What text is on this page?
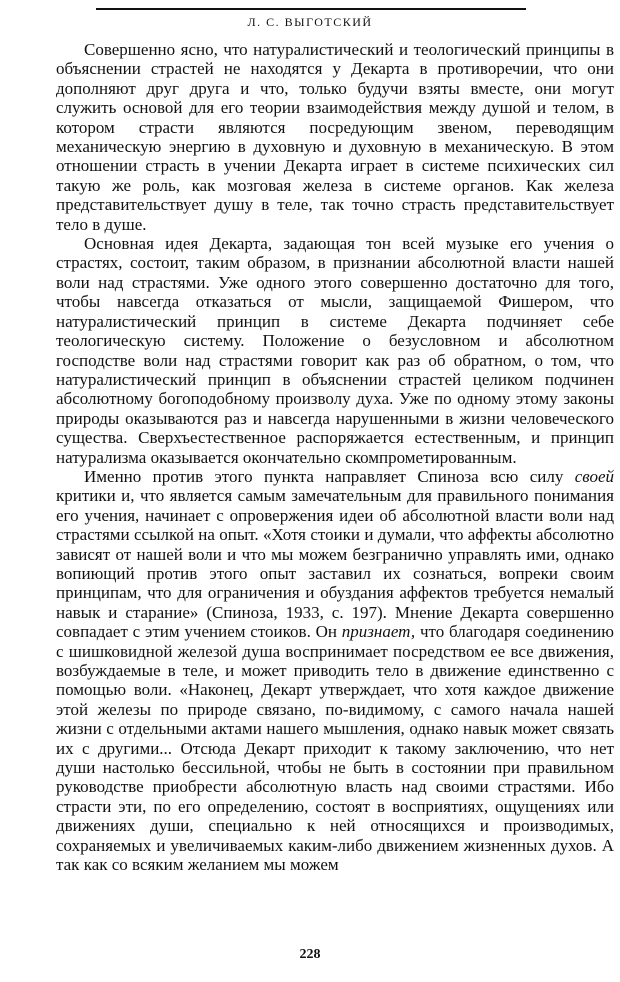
Л. С. ВЫГОТСКИЙ

Совершенно ясно, что натуралистический и теологический принципы в объяснении страстей не находятся у Декарта в противоречии, что они дополняют друг друга и что, только будучи взяты вместе, они могут служить основой для его теории взаимодействия между душой и телом, в котором страсти являются посредующим звеном, переводящим механическую энергию в духовную и духовную в механическую. В этом отношении страсть в учении Декарта играет в системе психических сил такую же роль, как мозговая железа в системе органов. Как железа представительствует душу в теле, так точно страсть представительствует тело в душе.

Основная идея Декарта, задающая тон всей музыке его учения о страстях, состоит, таким образом, в признании абсолютной власти нашей воли над страстями. Уже одного этого совершенно достаточно для того, чтобы навсегда отказаться от мысли, защищаемой Фишером, что натуралистический принцип в системе Декарта подчиняет себе теологическую систему. Положение о безусловном и абсолютном господстве воли над страстями говорит как раз об обратном, о том, что натуралистический принцип в объяснении страстей целиком подчинен абсолютному богоподобному произволу духа. Уже по одному этому законы природы оказываются раз и навсегда нарушенными в жизни человеческого существа. Сверхъестественное распоряжается естественным, и принцип натурализма оказывается окончательно скомпрометированным.

Именно против этого пункта направляет Спиноза всю силу своей критики и, что является самым замечательным для правильного понимания его учения, начинает с опровержения идеи об абсолютной власти воли над страстями ссылкой на опыт. «Хотя стоики и думали, что аффекты абсолютно зависят от нашей воли и что мы можем безгранично управлять ими, однако вопиющий против этого опыт заставил их сознаться, вопреки своим принципам, что для ограничения и обуздания аффектов требуется немалый навык и старание» (Спиноза, 1933, с. 197). Мнение Декарта совершенно совпадает с этим учением стоиков. Он признает, что благодаря соединению с шишковидной железой душа воспринимает посредством ее все движения, возбуждаемые в теле, и может приводить тело в движение единственно с помощью воли. «Наконец, Декарт утверждает, что хотя каждое движение этой железы по природе связано, по-видимому, с самого начала нашей жизни с отдельными актами нашего мышления, однако навык может связать их с другими... Отсюда Декарт приходит к такому заключению, что нет души настолько бессильной, чтобы не быть в состоянии при правильном руководстве приобрести абсолютную власть над своими страстями. Ибо страсти эти, по его определению, состоят в восприятиях, ощущениях или движениях души, специально к ней относящихся и производимых, сохраняемых и увеличиваемых каким-либо движением жизненных духов. А так как со всяким желанием мы можем

228
